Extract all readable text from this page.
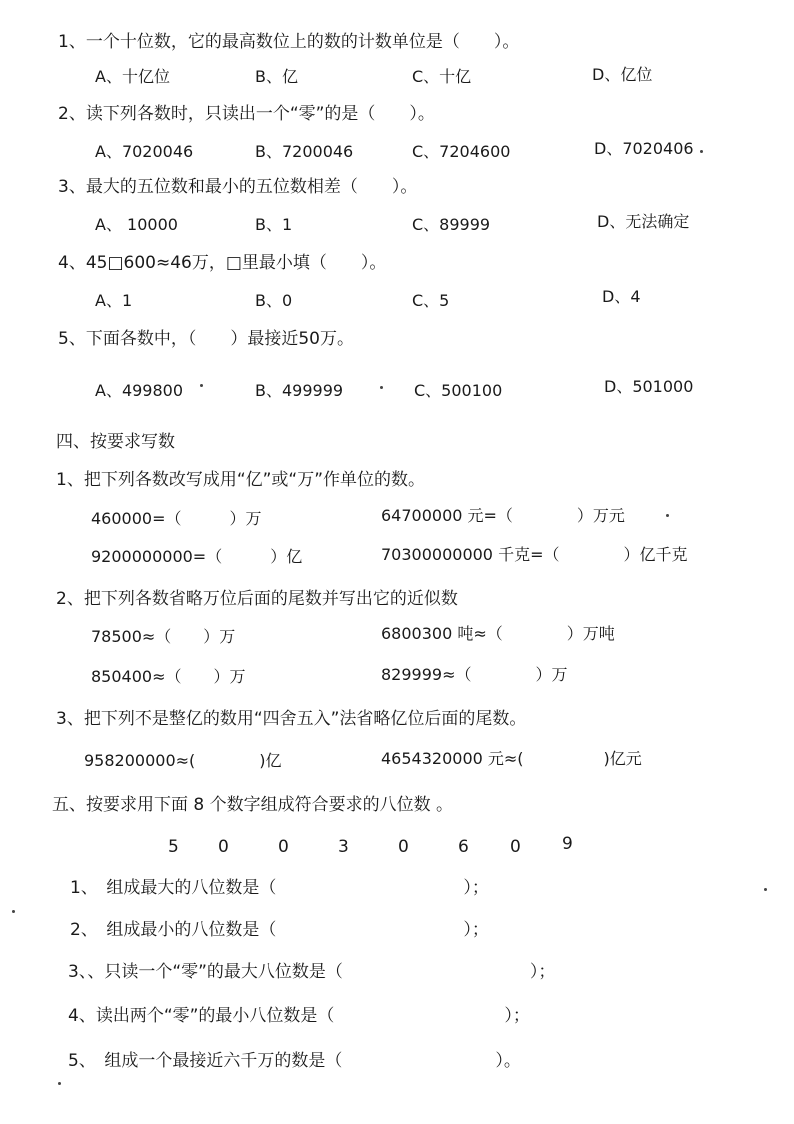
1、一个十位数，它的最高数位上的数的计数单位是（　　）。
A、十亿位	B、亿	C、十亿	D、亿位
2、读下列各数时，只读出一个“零”的是（　　）。
A、7020046	B、7200046	C、7204600	D、7020406
3、最大的五位数和最小的五位数相差（　　）。
A、 10000	B、1	C、89999	D、无法确定
4、45□600≈46万，□里最小填（　　）。
A、1	B、0	C、5	D、4
5、下面各数中，（　　）最接近50万。
A、499800	B、499999	C、500100	D、501000
四、按要求写数
1、把下列各数改写成用“亿”或“万”作单位的数。
460000=（　　　）万	64700000 元=（　　　　）万元
9200000000=（　　　）亿	70300000000 千克=（　　　　）亿千克
2、把下列各数省略万位后面的尾数并写出它的近似数
78500≈（　　）万	6800300 吨≈（　　　　）万吨
850400≈（　　）万	829999≈（　　　　）万
3、把下列不是整亿的数用“四舍五入”法省略亿位后面的尾数。
958200000≈(　　　　)亿	4654320000 元≈(　　　　　)亿元
五、按要求用下面 8 个数字组成符合要求的八位数 。
5 0	0	3	0	6 0 9
1、　组成最大的八位数是（　　　　　　　　　　　）；
2、　组成最小的八位数是（　　　　　　　　　　　）；
3、、只读一个“零”的最大八位数是（　　　　　　　　　　　）；
4、读出两个“零”的最小八位数是（　　　　　　　　　　）；
5、　组成一个最接近六千万的数是（　　　　　　　　　）。
